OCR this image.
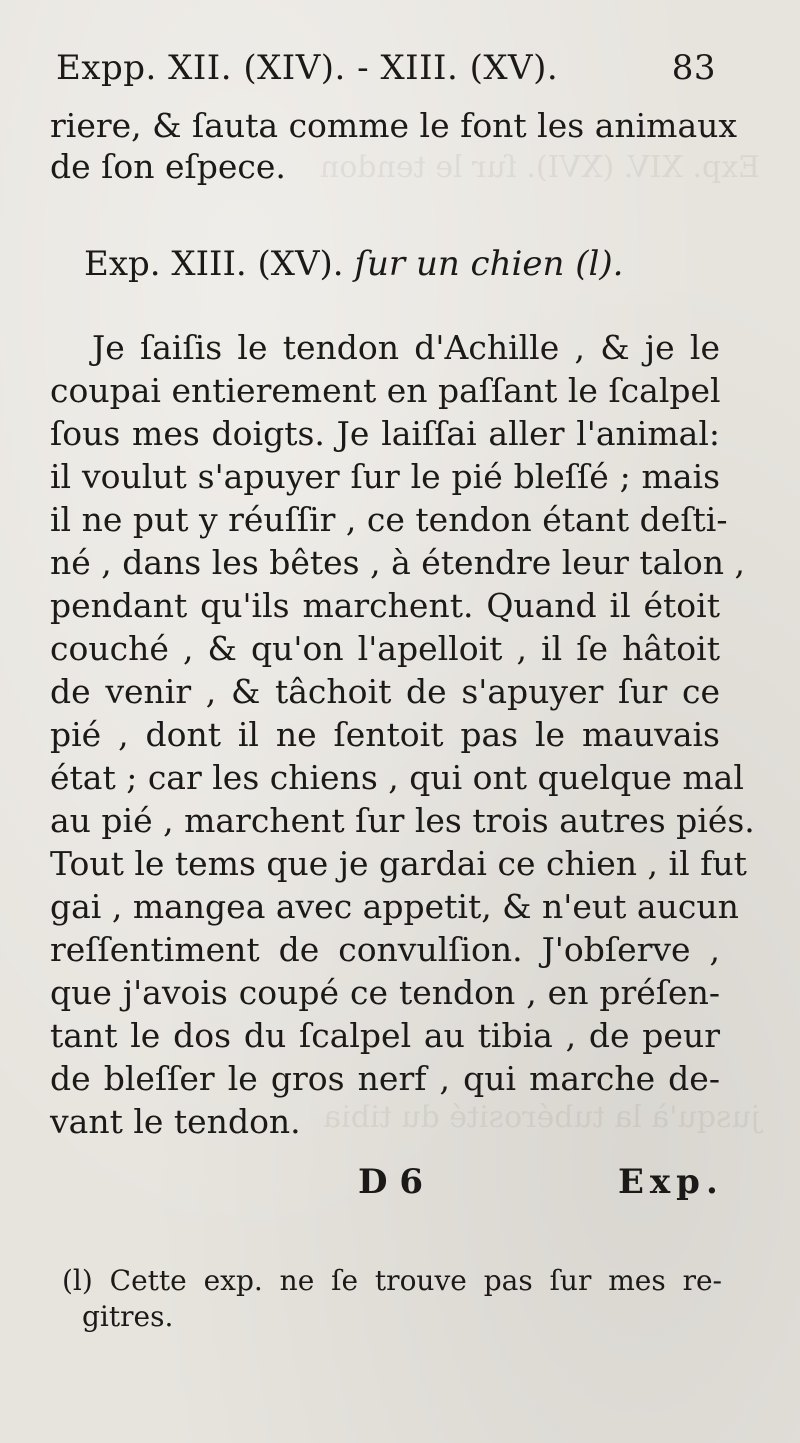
Exp. XIV. (XVI). ſur le tendon
jusqu'à la tubérosité du tibia
Expp. XII. (XIV). - XIII. (XV).	83
riere, & ſauta comme le font les animaux
de ſon eſpece.
Exp. XIII. (XV). ſur un chien (l).
Je ſaiſis le tendon d'Achille , & je le
coupai entierement en paſſant le ſcalpel
ſous mes doigts. Je laiſſai aller l'animal:
il voulut s'apuyer ſur le pié bleſſé ; mais
il ne put y réuſſir , ce tendon étant deſti-
né , dans les bêtes , à étendre leur talon ,
pendant qu'ils marchent. Quand il étoit
couché , & qu'on l'apelloit , il ſe hâtoit
de venir , & tâchoit de s'apuyer ſur ce
pié , dont il ne ſentoit pas le mauvais
état ; car les chiens , qui ont quelque mal
au pié , marchent ſur les trois autres piés.
Tout le tems que je gardai ce chien , il fut
gai , mangea avec appetit, & n'eut aucun
reſſentiment de convulſion. J'obſerve ,
que j'avois coupé ce tendon , en préſen-
tant le dos du ſcalpel au tibia , de peur
de bleſſer le gros nerf , qui marche de-
vant le tendon.
D 6	Exp.
(l) Cette exp. ne ſe trouve pas ſur mes re-
gitres.
